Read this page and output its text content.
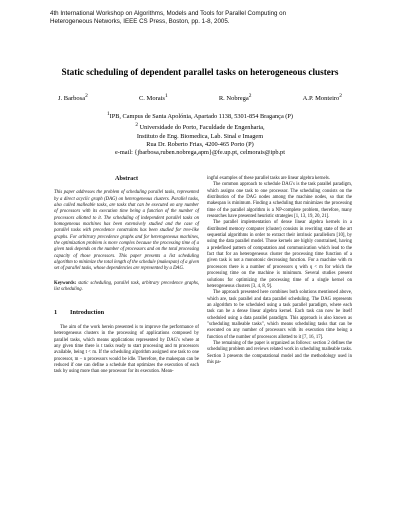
4th International Workshop on Algorithms, Models and Tools for Parallel Computing on
Heterogeneous Networks, IEEE CS Press, Boston, pp. 1-8, 2005.
Static scheduling of dependent parallel tasks on heterogeneous clusters
J. Barbosa$^2$	C. Morais$^1$	R. Nobrega$^2$	A.P. Monteiro$^2$
$^1$IPB, Campus de Santa Apolónia, Apartado 1138, 5301-854 Bragança (P)
$^2$ Universidade do Porto, Faculdade de Engenharia,
Instituto de Eng. Biomedica, Lab. Sinal e Imagem
Rua Dr. Roberto Frias, 4200-465 Porto (P)
e-mail: {jbarbosa,ruben.nobrega,apm}@fe.up.pt, celmorais@ipb.pt
Abstract

This paper addresses the problem of scheduling parallel tasks, represented by a direct acyclic graph (DAG) on heterogeneous clusters. Parallel tasks, also called malleable tasks, are tasks that can be executed on any number of processors with its execution time being a function of the number of processors allotted to it. The scheduling of independent parallel tasks on homogeneous machines has been extensively studied and the case of parallel tasks with precedence constraints has been studied for tree-like graphs. For arbitrary precedence graphs and for heterogeneous machines, the optimization problem is more complex because the processing time of a given task depends on the number of processors and on the total processing capacity of those processors. This paper presents a list scheduling algorithm to minimize the total length of the schedule (makespan) of a given set of parallel tasks, whose dependencies are represented by a DAG.

Keywords: static scheduling, parallel task, arbitrary precedence graphs, list scheduling.

1 Introduction

The aim of the work herein presented is to improve the performance of heterogeneous clusters in the processing of applications composed by parallel tasks, which means applications represented by DAG's where at any given time there is t tasks ready to start processing and m processors available, being t < m. If the scheduling algorithm assigned one task to one processor, m − n processors would be idle. Therefore, the makespan can be reduced if one can define a schedule that optimizes the execution of each task by using more than one processor for its execution. Mean-

ingful examples of these parallel tasks are linear algebra kernels.

The common approach to schedule DAG's is the task parallel paradigm, which assigns one task to one processor. The scheduling consists on the distribution of the DAG nodes among the machine nodes, so that the makespan is minimum. Finding a scheduling that minimizes the processing time of the parallel algorithm is a NP-complete problem, therefore, many researches have presented heuristic strategies [1, 13, 19, 20, 21].

The parallel implementation of dense linear algebra kernels in a distributed memory computer (cluster) consists in rewriting state of the art sequential algorithms in order to extract their intrinsic parallelism [10], by using the data parallel model. Those kernels are highly constrained, having a predefined pattern of computation and communication which lead to the fact that for an heterogeneous cluster the processing time function of a given task is not a monotonic decreasing function. For a machine with m processors there is a number of processors q with q < m for which the processing time on the machine is minimum. Several studies present solutions for optimizing the processing time of a single kernel on heterogeneous clusters [3, 4, 8, 9].

The approach presented here combines both solutions mentioned above, which are, task parallel and data parallel scheduling. The DAG represents an algorithm to be scheduled using a task parallel paradigm, where each task can be a dense linear algebra kernel. Each task can now be itself scheduled using a data parallel paradigm. This approach is also known as "scheduling malleable tasks", which means scheduling tasks that can be executed on any number of processors with its execution time being a function of the number of processors allotted to it [7, 16, 17].

The remaining of the paper is organized as follows: section 2 defines the scheduling problem and reviews related work in scheduling malleable tasks. Section 3 presents the computational model and the methodology used in this pa-
